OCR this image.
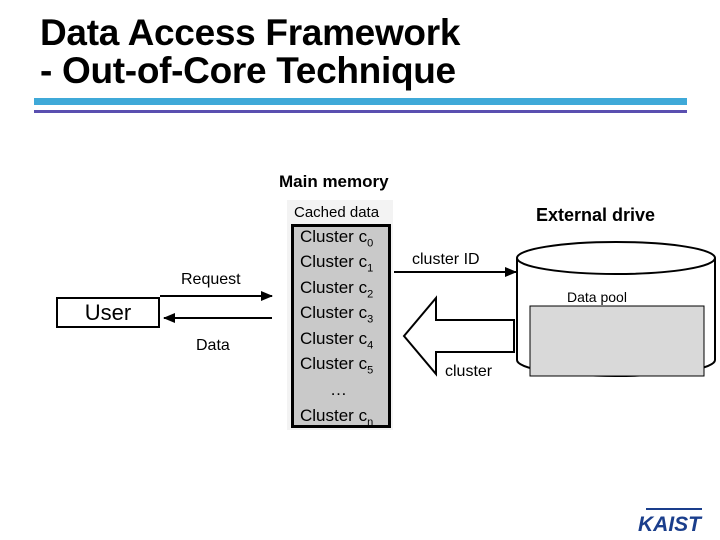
Data Access Framework
- Out-of-Core Technique
Main memory
Cached data
Cluster $c_0$
Cluster $c_1$
Cluster $c_2$
Cluster $c_3$
Cluster $c_4$
Cluster $c_5$
…
Cluster $c_n$
User
Request
Data
cluster ID
cluster
External drive
Data pool
KAIST
